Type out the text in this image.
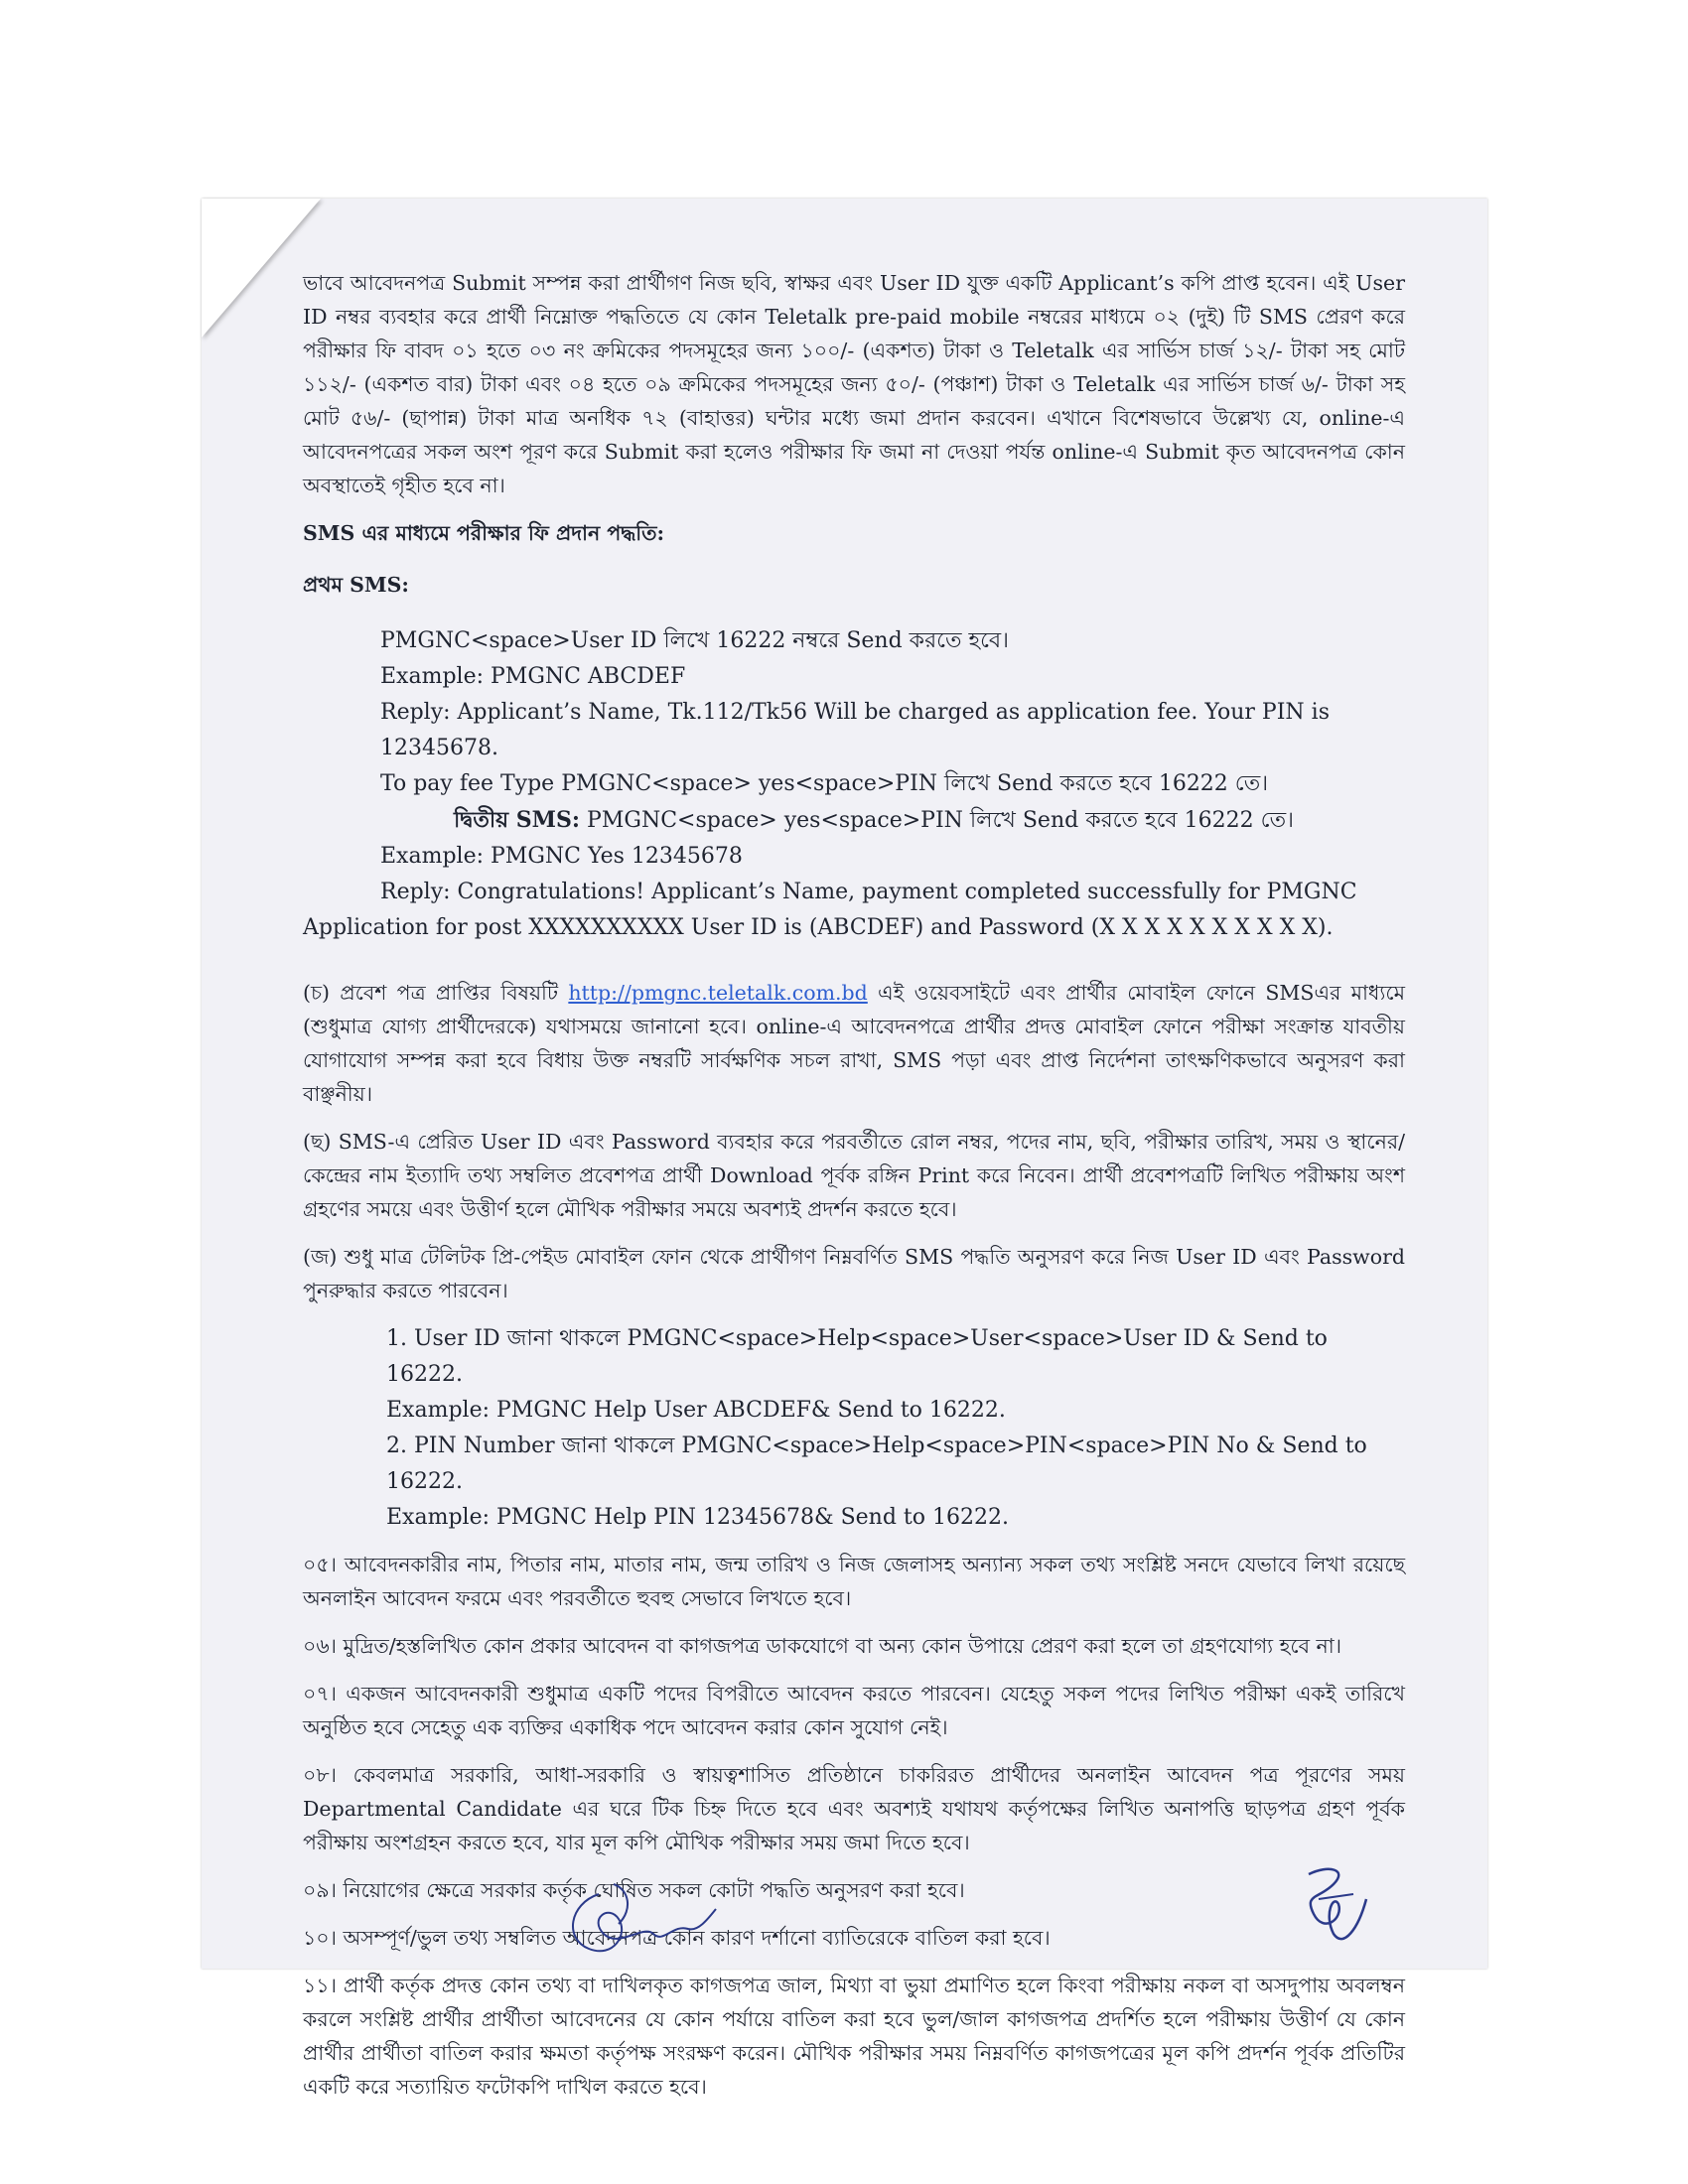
ভাবে আবেদনপত্র Submit সম্পন্ন করা প্রার্থীগণ নিজ ছবি, স্বাক্ষর এবং User ID যুক্ত একটি Applicant’s কপি প্রাপ্ত হবেন। এই User ID নম্বর ব্যবহার করে প্রার্থী নিম্নোক্ত পদ্ধতিতে যে কোন Teletalk pre-paid mobile নম্বরের মাধ্যমে ০২ (দুই) টি SMS প্রেরণ করে পরীক্ষার ফি বাবদ ০১ হতে ০৩ নং ক্রমিকের পদসমূহের জন্য ১০০/- (একশত) টাকা ও Teletalk এর সার্ভিস চার্জ ১২/- টাকা সহ মোট ১১২/- (একশত বার) টাকা এবং ০৪ হতে ০৯ ক্রমিকের পদসমূহের জন্য ৫০/- (পঞ্চাশ) টাকা ও Teletalk এর সার্ভিস চার্জ ৬/- টাকা সহ মোট ৫৬/- (ছাপান্ন) টাকা মাত্র অনধিক ৭২ (বাহাত্তর) ঘন্টার মধ্যে জমা প্রদান করবেন। এখানে বিশেষভাবে উল্লেখ্য যে, online-এ আবেদনপত্রের সকল অংশ পূরণ করে Submit করা হলেও পরীক্ষার ফি জমা না দেওয়া পর্যন্ত online-এ Submit কৃত আবেদনপত্র কোন অবস্থাতেই গৃহীত হবে না।

SMS এর মাধ্যমে পরীক্ষার ফি প্রদান পদ্ধতি:

প্রথম SMS:

PMGNC<space>User ID লিখে 16222 নম্বরে Send করতে হবে।
Example: PMGNC ABCDEF
Reply: Applicant’s Name, Tk.112/Tk56 Will be charged as application fee. Your PIN is 12345678.
To pay fee Type PMGNC<space> yes<space>PIN লিখে Send করতে হবে 16222 তে।
দ্বিতীয় SMS: PMGNC<space> yes<space>PIN লিখে Send করতে হবে 16222 তে।
Example: PMGNC Yes 12345678
Reply: Congratulations! Applicant’s Name, payment completed successfully for PMGNC
Application for post XXXXXXXXXX User ID is (ABCDEF) and Password (X X X X X X X X X X).

(চ) প্রবেশ পত্র প্রাপ্তির বিষয়টি http://pmgnc.teletalk.com.bd এই ওয়েবসাইটে এবং প্রার্থীর মোবাইল ফোনে SMSএর মাধ্যমে (শুধুমাত্র যোগ্য প্রার্থীদেরকে) যথাসময়ে জানানো হবে। online-এ আবেদনপত্রে প্রার্থীর প্রদত্ত মোবাইল ফোনে পরীক্ষা সংক্রান্ত যাবতীয় যোগাযোগ সম্পন্ন করা হবে বিধায় উক্ত নম্বরটি সার্বক্ষণিক সচল রাখা, SMS পড়া এবং প্রাপ্ত নির্দেশনা তাৎক্ষণিকভাবে অনুসরণ করা বাঞ্ছনীয়।

(ছ) SMS-এ প্রেরিত User ID এবং Password ব্যবহার করে পরবর্তীতে রোল নম্বর, পদের নাম, ছবি, পরীক্ষার তারিখ, সময় ও স্থানের/কেন্দ্রের নাম ইত্যাদি তথ্য সম্বলিত প্রবেশপত্র প্রার্থী Download পূর্বক রঙ্গিন Print করে নিবেন। প্রার্থী প্রবেশপত্রটি লিখিত পরীক্ষায় অংশ গ্রহণের সময়ে এবং উত্তীর্ণ হলে মৌখিক পরীক্ষার সময়ে অবশ্যই প্রদর্শন করতে হবে।

(জ) শুধু মাত্র টেলিটক প্রি-পেইড মোবাইল ফোন থেকে প্রার্থীগণ নিম্নবর্ণিত SMS পদ্ধতি অনুসরণ করে নিজ User ID এবং Password পুনরুদ্ধার করতে পারবেন।

1. User ID জানা থাকলে PMGNC<space>Help<space>User<space>User ID & Send to 16222.
Example: PMGNC Help User ABCDEF& Send to 16222.
2. PIN Number জানা থাকলে PMGNC<space>Help<space>PIN<space>PIN No & Send to 16222.
Example: PMGNC Help PIN 12345678& Send to 16222.

০৫। আবেদনকারীর নাম, পিতার নাম, মাতার নাম, জন্ম তারিখ ও নিজ জেলাসহ অন্যান্য সকল তথ্য সংশ্লিষ্ট সনদে যেভাবে লিখা রয়েছে অনলাইন আবেদন ফরমে এবং পরবর্তীতে হুবহু সেভাবে লিখতে হবে।

০৬। মুদ্রিত/হস্তলিখিত কোন প্রকার আবেদন বা কাগজপত্র ডাকযোগে বা অন্য কোন উপায়ে প্রেরণ করা হলে তা গ্রহণযোগ্য হবে না।

০৭। একজন আবেদনকারী শুধুমাত্র একটি পদের বিপরীতে আবেদন করতে পারবেন। যেহেতু সকল পদের লিখিত পরীক্ষা একই তারিখে অনুষ্ঠিত হবে সেহেতু এক ব্যক্তির একাধিক পদে আবেদন করার কোন সুযোগ নেই।

০৮। কেবলমাত্র সরকারি, আধা-সরকারি ও স্বায়ত্বশাসিত প্রতিষ্ঠানে চাকরিরত প্রার্থীদের অনলাইন আবেদন পত্র পূরণের সময় Departmental Candidate এর ঘরে টিক চিহ্ন দিতে হবে এবং অবশ্যই যথাযথ কর্তৃপক্ষের লিখিত অনাপত্তি ছাড়পত্র গ্রহণ পূর্বক পরীক্ষায় অংশগ্রহন করতে হবে, যার মূল কপি মৌখিক পরীক্ষার সময় জমা দিতে হবে।

০৯। নিয়োগের ক্ষেত্রে সরকার কর্তৃক ঘোষিত সকল কোটা পদ্ধতি অনুসরণ করা হবে।

১০। অসম্পূর্ণ/ভুল তথ্য সম্বলিত আবেদনপত্র কোন কারণ দর্শানো ব্যাতিরেকে বাতিল করা হবে।

১১। প্রার্থী কর্তৃক প্রদত্ত কোন তথ্য বা দাখিলকৃত কাগজপত্র জাল, মিথ্যা বা ভুয়া প্রমাণিত হলে কিংবা পরীক্ষায় নকল বা অসদুপায় অবলম্বন করলে সংশ্লিষ্ট প্রার্থীর প্রার্থীতা আবেদনের যে কোন পর্যায়ে বাতিল করা হবে ভুল/জাল কাগজপত্র প্রদর্শিত হলে পরীক্ষায় উত্তীর্ণ যে কোন প্রার্থীর প্রার্থীতা বাতিল করার ক্ষমতা কর্তৃপক্ষ সংরক্ষণ করেন। মৌখিক পরীক্ষার সময় নিম্নবর্ণিত কাগজপত্রের মূল কপি প্রদর্শন পূর্বক প্রতিটির একটি করে সত্যায়িত ফটোকপি দাখিল করতে হবে।
